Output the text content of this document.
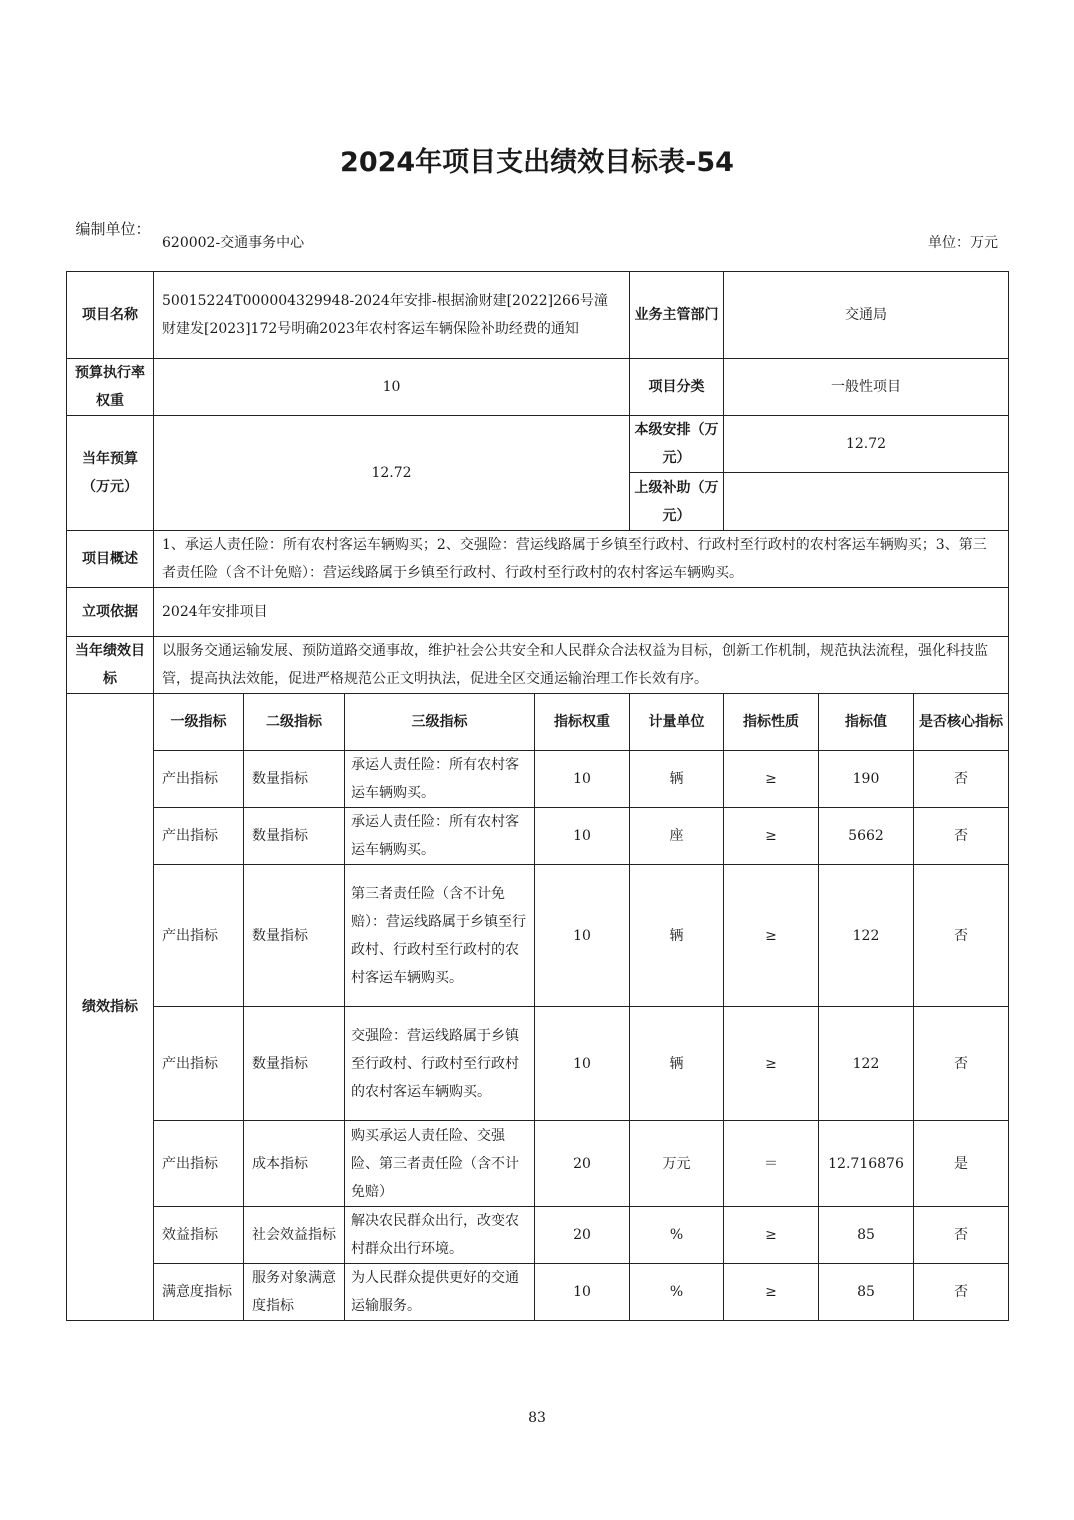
2024年项目支出绩效目标表-54
编制单位：
620002-交通事务中心	单位：万元
项目名称	50015224T000004329948-2024年安排-根据渝财建[2022]266号潼财建发[2023]172号明确2023年农村客运车辆保险补助经费的通知				业务主管部门	交通局		
预算执行率权重	10				项目分类	一般性项目		
当年预算（万元）	12.72				本级安排（万元）	12.72		
					上级补助（万元）			
项目概述	1、承运人责任险：所有农村客运车辆购买；2、交强险：营运线路属于乡镇至行政村、行政村至行政村的农村客运车辆购买；3、第三者责任险（含不计免赔）：营运线路属于乡镇至行政村、行政村至行政村的农村客运车辆购买。							
立项依据	2024年安排项目							
当年绩效目标	以服务交通运输发展、预防道路交通事故，维护社会公共安全和人民群众合法权益为目标，创新工作机制，规范执法流程，强化科技监管，提高执法效能，促进严格规范公正文明执法，促进全区交通运输治理工作长效有序。							
绩效指标	一级指标	二级指标	三级指标	指标权重	计量单位	指标性质	指标值	是否核心指标
	产出指标	数量指标	承运人责任险：所有农村客运车辆购买。	10	辆	≥	190	否
	产出指标	数量指标	承运人责任险：所有农村客运车辆购买。	10	座	≥	5662	否
	产出指标	数量指标	第三者责任险（含不计免赔）：营运线路属于乡镇至行政村、行政村至行政村的农村客运车辆购买。	10	辆	≥	122	否
	产出指标	数量指标	交强险：营运线路属于乡镇至行政村、行政村至行政村的农村客运车辆购买。	10	辆	≥	122	否
	产出指标	成本指标	购买承运人责任险、交强险、第三者责任险（含不计免赔）	20	万元	＝	12.716876	是
	效益指标	社会效益指标	解决农民群众出行，改变农村群众出行环境。	20	%	≥	85	否
	满意度指标	服务对象满意度指标	为人民群众提供更好的交通运输服务。	10	%	≥	85	否
83
